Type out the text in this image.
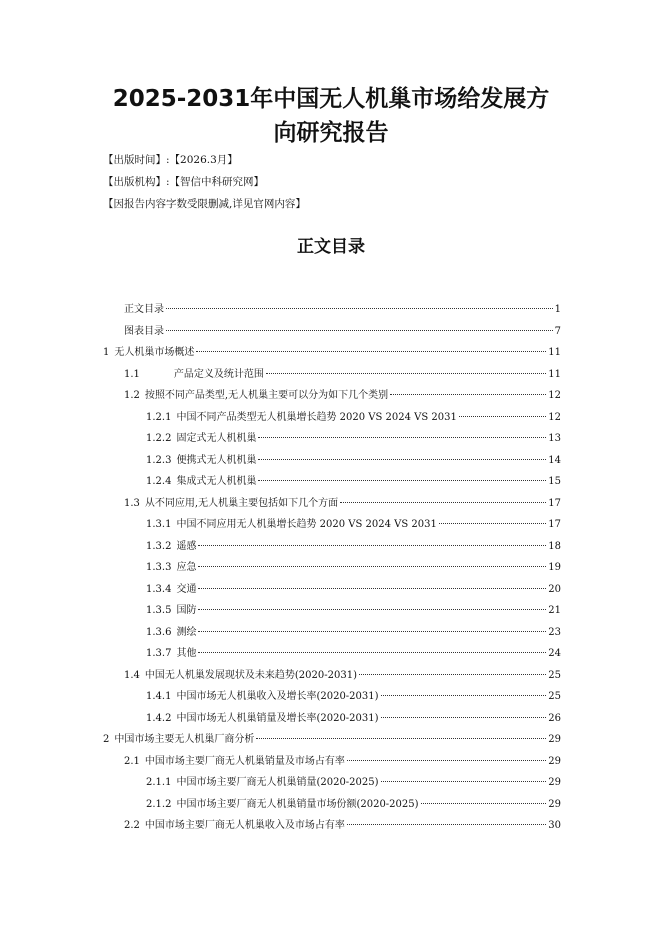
2025-2031年中国无人机巢市场给发展方
向研究报告

【出版时间】:【2026.3月】

【出版机构】:【智信中科研究网】

【因报告内容字数受限删减,详见官网内容】

正文目录
正文目录	1
图表目录	7
1 无人机巢市场概述	11
1.1	产品定义及统计范围	11
1.2 按照不同产品类型,无人机巢主要可以分为如下几个类别	12
1.2.1 中国不同产品类型无人机巢增长趋势 2020 VS 2024 VS 2031	12
1.2.2 固定式无人机机巢	13
1.2.3 便携式无人机机巢	14
1.2.4 集成式无人机机巢	15
1.3 从不同应用,无人机巢主要包括如下几个方面	17
1.3.1 中国不同应用无人机巢增长趋势 2020 VS 2024 VS 2031	17
1.3.2 遥感	18
1.3.3 应急	19
1.3.4 交通	20
1.3.5 国防	21
1.3.6 测绘	23
1.3.7 其他	24
1.4 中国无人机巢发展现状及未来趋势(2020-2031)	25
1.4.1 中国市场无人机巢收入及增长率(2020-2031)	25
1.4.2 中国市场无人机巢销量及增长率(2020-2031)	26
2 中国市场主要无人机巢厂商分析	29
2.1 中国市场主要厂商无人机巢销量及市场占有率	29
2.1.1 中国市场主要厂商无人机巢销量(2020-2025)	29
2.1.2 中国市场主要厂商无人机巢销量市场份额(2020-2025)	29
2.2 中国市场主要厂商无人机巢收入及市场占有率	30
